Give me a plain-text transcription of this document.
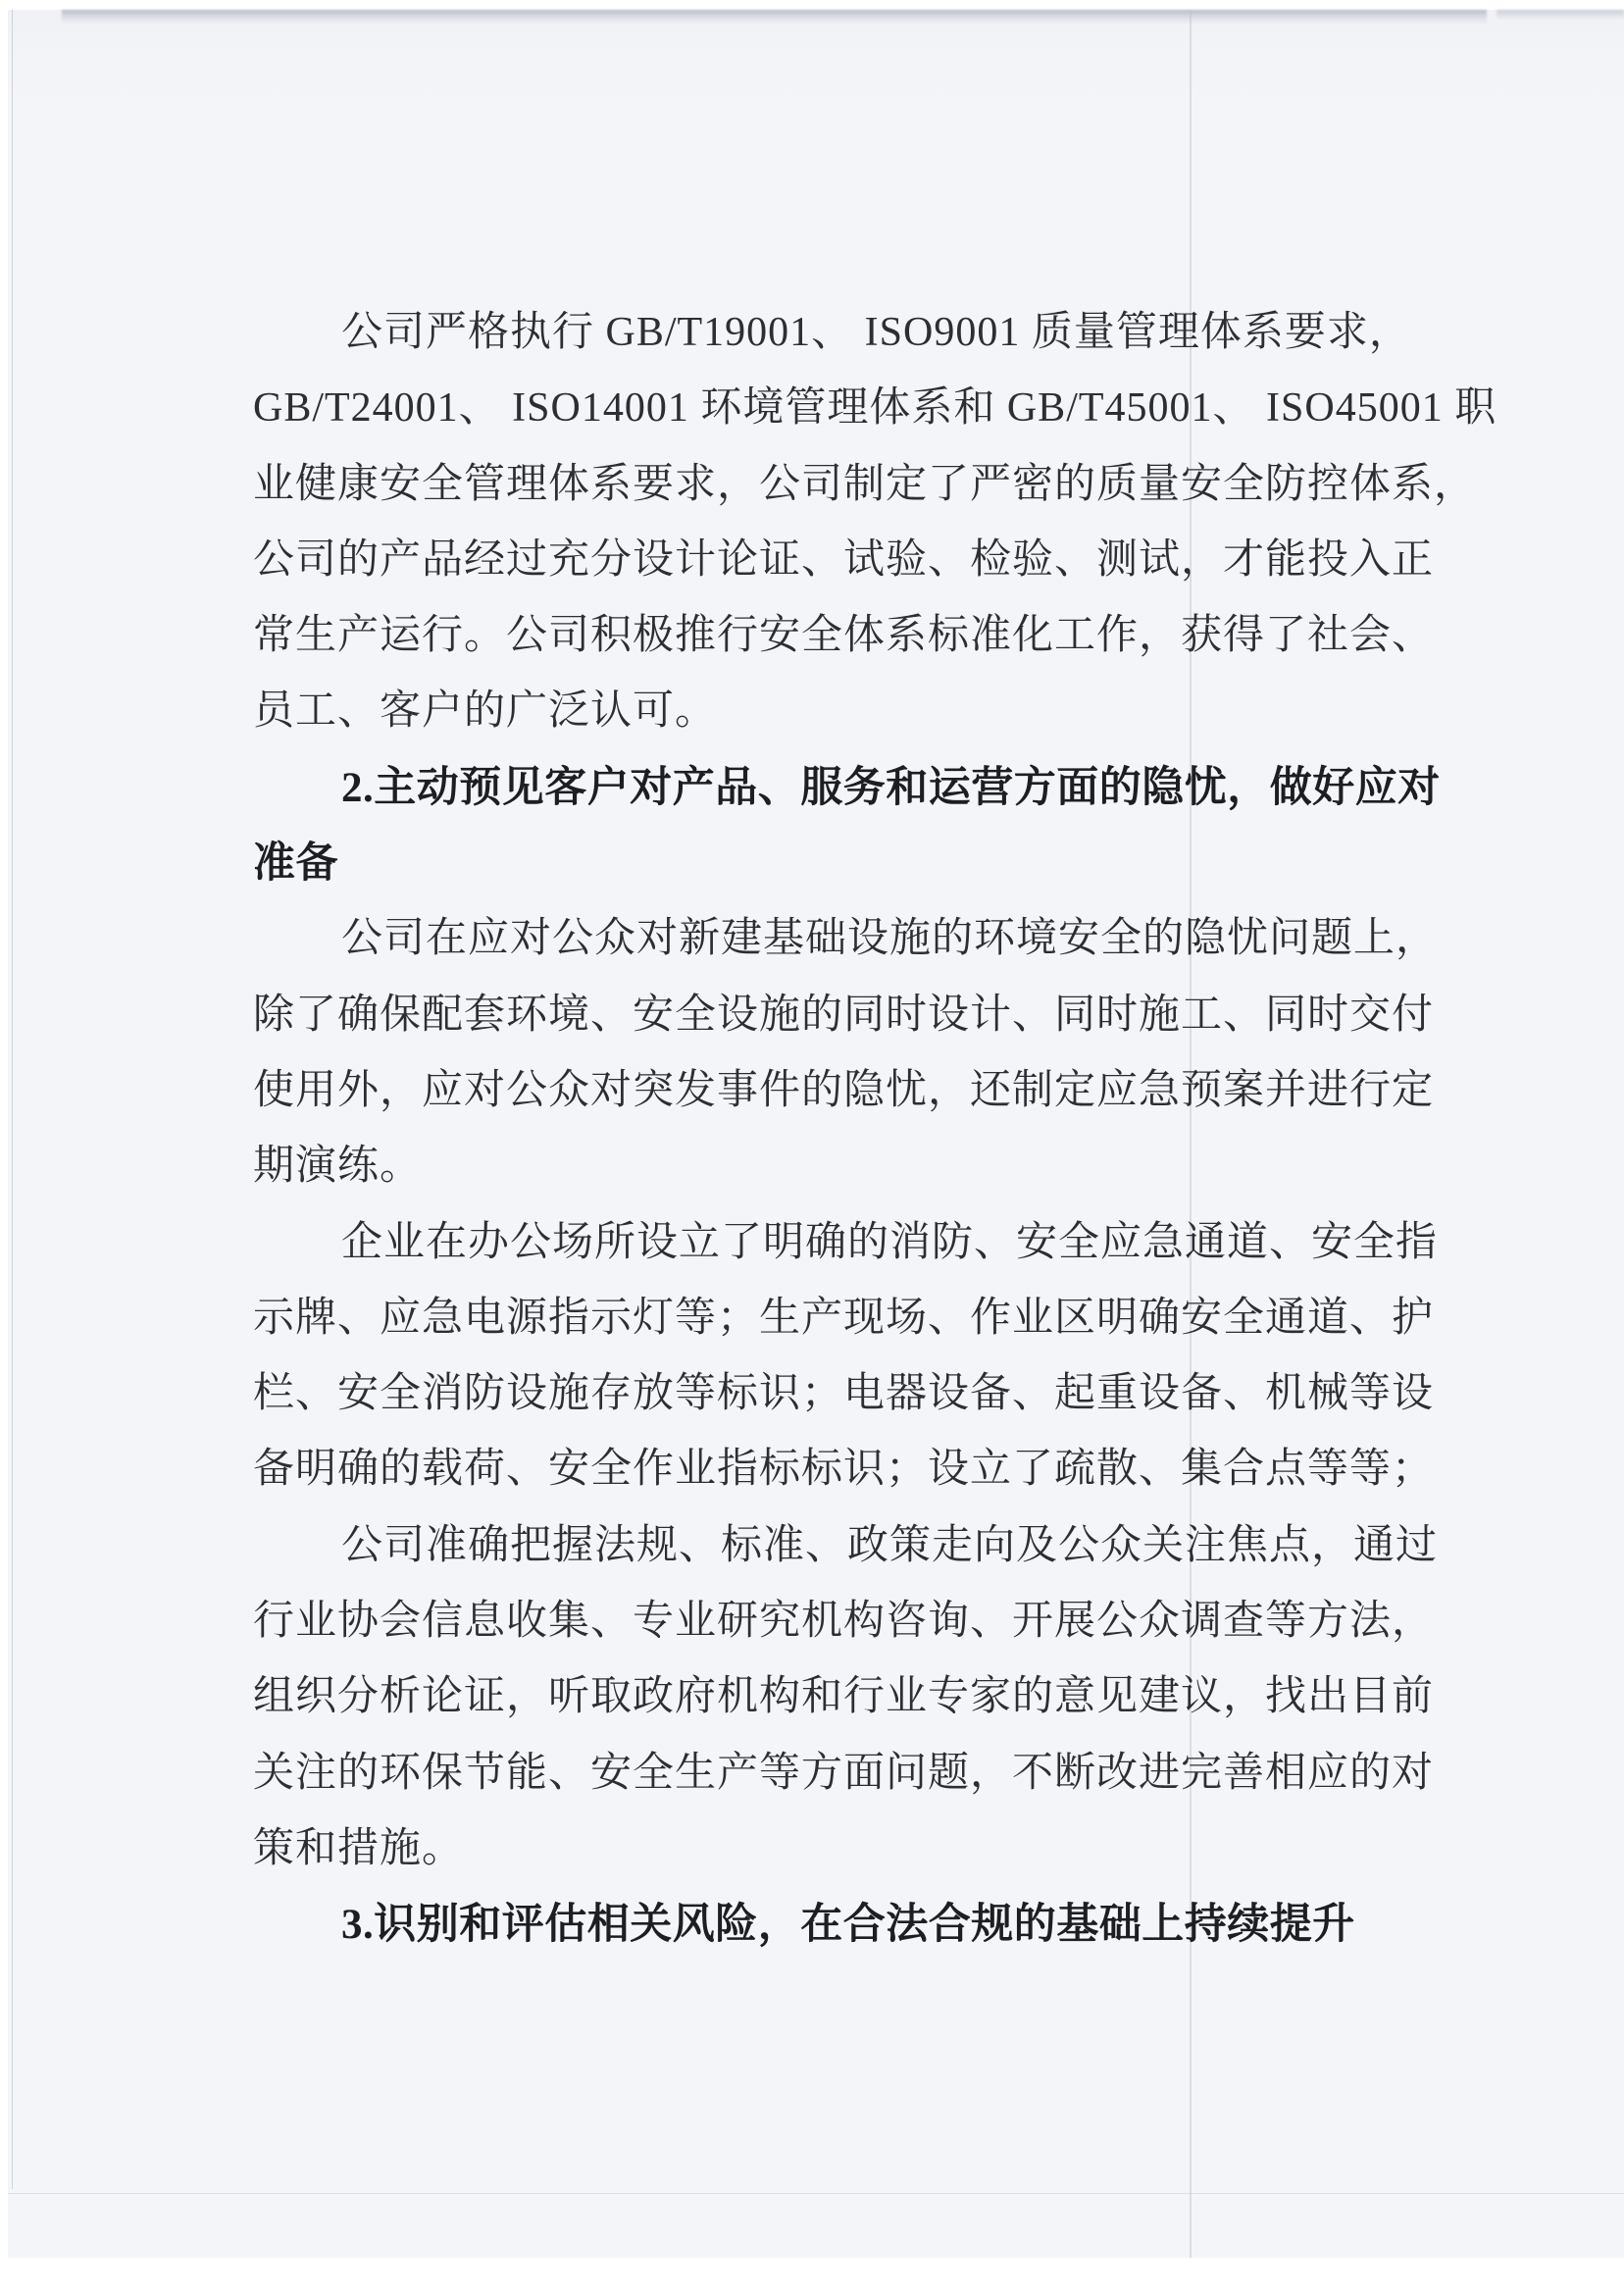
公司严格执行 GB/T19001、 ISO9001 质量管理体系要求，
GB/T24001、 ISO14001 环境管理体系和 GB/T45001、 ISO45001 职
业健康安全管理体系要求，公司制定了严密的质量安全防控体系，
公司的产品经过充分设计论证、试验、检验、测试，才能投入正
常生产运行。公司积极推行安全体系标准化工作，获得了社会、
员工、客户的广泛认可。
2.主动预见客户对产品、服务和运营方面的隐忧，做好应对
准备
公司在应对公众对新建基础设施的环境安全的隐忧问题上，
除了确保配套环境、安全设施的同时设计、同时施工、同时交付
使用外，应对公众对突发事件的隐忧，还制定应急预案并进行定
期演练。
企业在办公场所设立了明确的消防、安全应急通道、安全指
示牌、应急电源指示灯等；生产现场、作业区明确安全通道、护
栏、安全消防设施存放等标识；电器设备、起重设备、机械等设
备明确的载荷、安全作业指标标识；设立了疏散、集合点等等；
公司准确把握法规、标准、政策走向及公众关注焦点，通过
行业协会信息收集、专业研究机构咨询、开展公众调查等方法，
组织分析论证，听取政府机构和行业专家的意见建议，找出目前
关注的环保节能、安全生产等方面问题，不断改进完善相应的对
策和措施。
3.识别和评估相关风险，在合法合规的基础上持续提升
